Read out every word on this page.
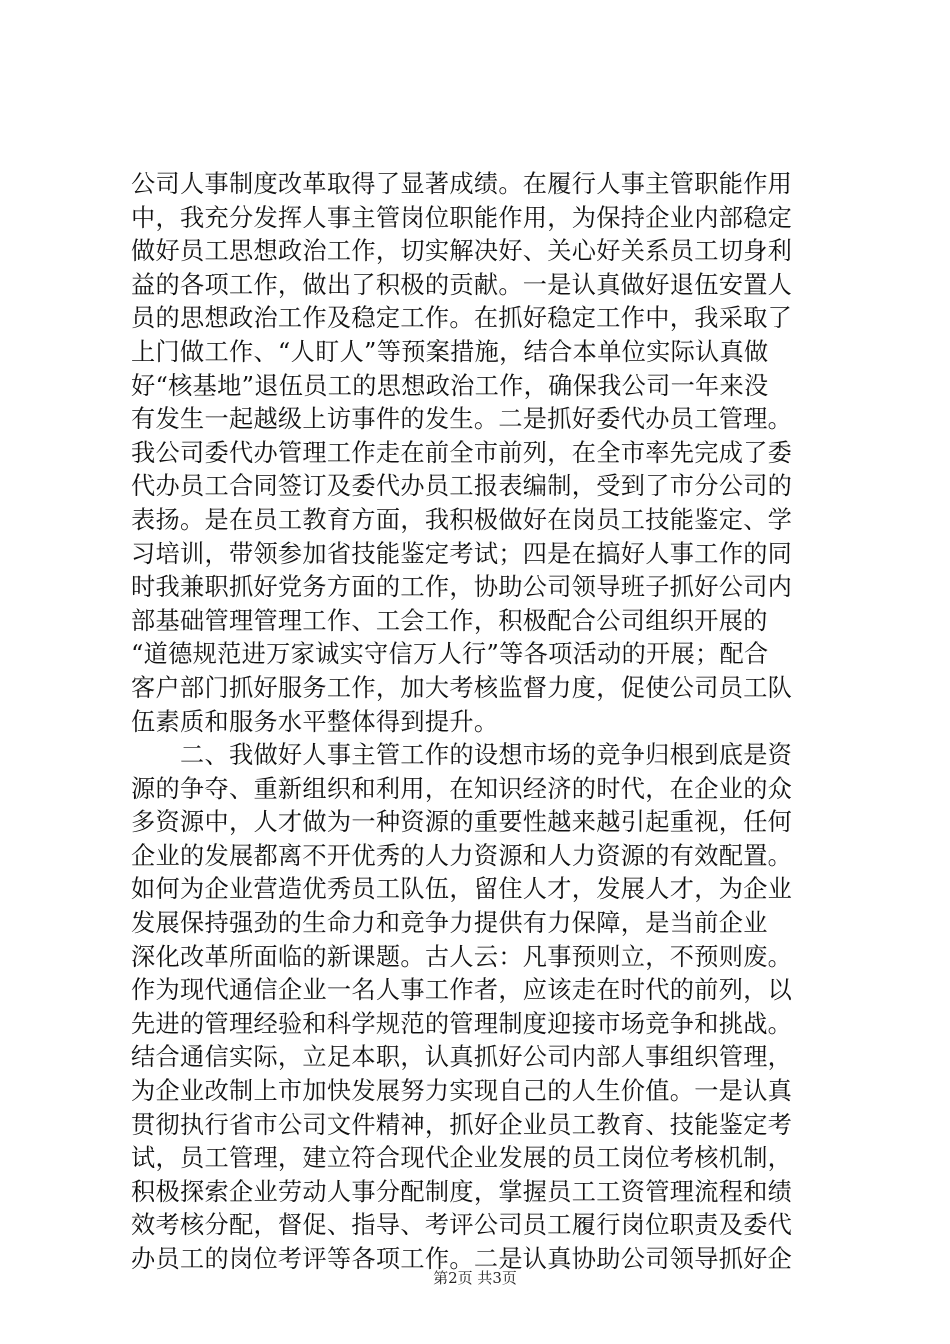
公司人事制度改革取得了显著成绩。在履行人事主管职能作用
中，我充分发挥人事主管岗位职能作用，为保持企业内部稳定
做好员工思想政治工作，切实解决好、关心好关系员工切身利
益的各项工作，做出了积极的贡献。一是认真做好退伍安置人
员的思想政治工作及稳定工作。在抓好稳定工作中，我采取了
上门做工作、“人盯人”等预案措施，结合本单位实际认真做
好“核基地”退伍员工的思想政治工作，确保我公司一年来没
有发生一起越级上访事件的发生。二是抓好委代办员工管理。
我公司委代办管理工作走在前全市前列，在全市率先完成了委
代办员工合同签订及委代办员工报表编制，受到了市分公司的
表扬。是在员工教育方面，我积极做好在岗员工技能鉴定、学
习培训，带领参加省技能鉴定考试；四是在搞好人事工作的同
时我兼职抓好党务方面的工作，协助公司领导班子抓好公司内
部基础管理管理工作、工会工作，积极配合公司组织开展的
“道德规范进万家诚实守信万人行”等各项活动的开展；配合
客户部门抓好服务工作，加大考核监督力度，促使公司员工队
伍素质和服务水平整体得到提升。
　　二、我做好人事主管工作的设想市场的竞争归根到底是资
源的争夺、重新组织和利用，在知识经济的时代，在企业的众
多资源中，人才做为一种资源的重要性越来越引起重视，任何
企业的发展都离不开优秀的人力资源和人力资源的有效配置。
如何为企业营造优秀员工队伍，留住人才，发展人才，为企业
发展保持强劲的生命力和竞争力提供有力保障，是当前企业
深化改革所面临的新课题。古人云：凡事预则立，不预则废。
作为现代通信企业一名人事工作者，应该走在时代的前列，以
先进的管理经验和科学规范的管理制度迎接市场竞争和挑战。
结合通信实际，立足本职，认真抓好公司内部人事组织管理，
为企业改制上市加快发展努力实现自己的人生价值。一是认真
贯彻执行省市公司文件精神，抓好企业员工教育、技能鉴定考
试，员工管理，建立符合现代企业发展的员工岗位考核机制，
积极探索企业劳动人事分配制度，掌握员工工资管理流程和绩
效考核分配，督促、指导、考评公司员工履行岗位职责及委代
办员工的岗位考评等各项工作。二是认真协助公司领导抓好企
第2页 共3页
